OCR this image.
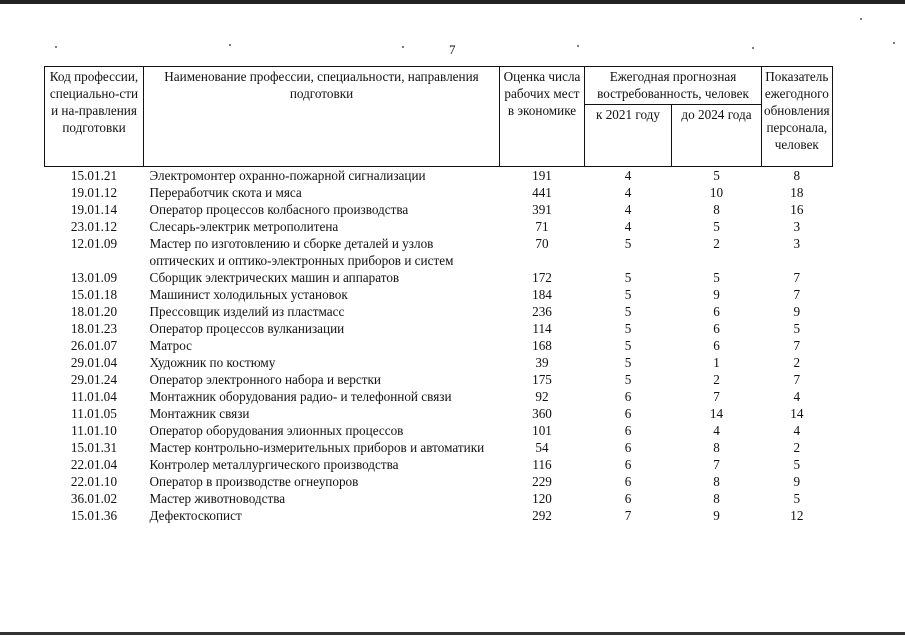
7
Код профессии, специально-сти и на-правления подготовки	Наименование профессии, специальности, направления подготовки	Оценка числа рабочих мест в экономике	Ежегодная прогнозная востребованность, человек		Показатель ежегодного обновления персонала, человек
			к 2021 году	до 2024 года	
15.01.21	Электромонтер охранно-пожарной сигнализации	191	4	5	8
19.01.12	Переработчик скота и мяса	441	4	10	18
19.01.14	Оператор процессов колбасного производства	391	4	8	16
23.01.12	Слесарь-электрик метрополитена	71	4	5	3
12.01.09	Мастер по изготовлению и сборке деталей и узлов оптических и оптико-электронных приборов и систем	70	5	2	3
13.01.09	Сборщик электрических машин и аппаратов	172	5	5	7
15.01.18	Машинист холодильных установок	184	5	9	7
18.01.20	Прессовщик изделий из пластмасс	236	5	6	9
18.01.23	Оператор процессов вулканизации	114	5	6	5
26.01.07	Матрос	168	5	6	7
29.01.04	Художник по костюму	39	5	1	2
29.01.24	Оператор электронного набора и верстки	175	5	2	7
11.01.04	Монтажник оборудования радио- и телефонной связи	92	6	7	4
11.01.05	Монтажник связи	360	6	14	14
11.01.10	Оператор оборудования элионных процессов	101	6	4	4
15.01.31	Мастер контрольно-измерительных приборов и автоматики	54	6	8	2
22.01.04	Контролер металлургического производства	116	6	7	5
22.01.10	Оператор в производстве огнеупоров	229	6	8	9
36.01.02	Мастер животноводства	120	6	8	5
15.01.36	Дефектоскопист	292	7	9	12
